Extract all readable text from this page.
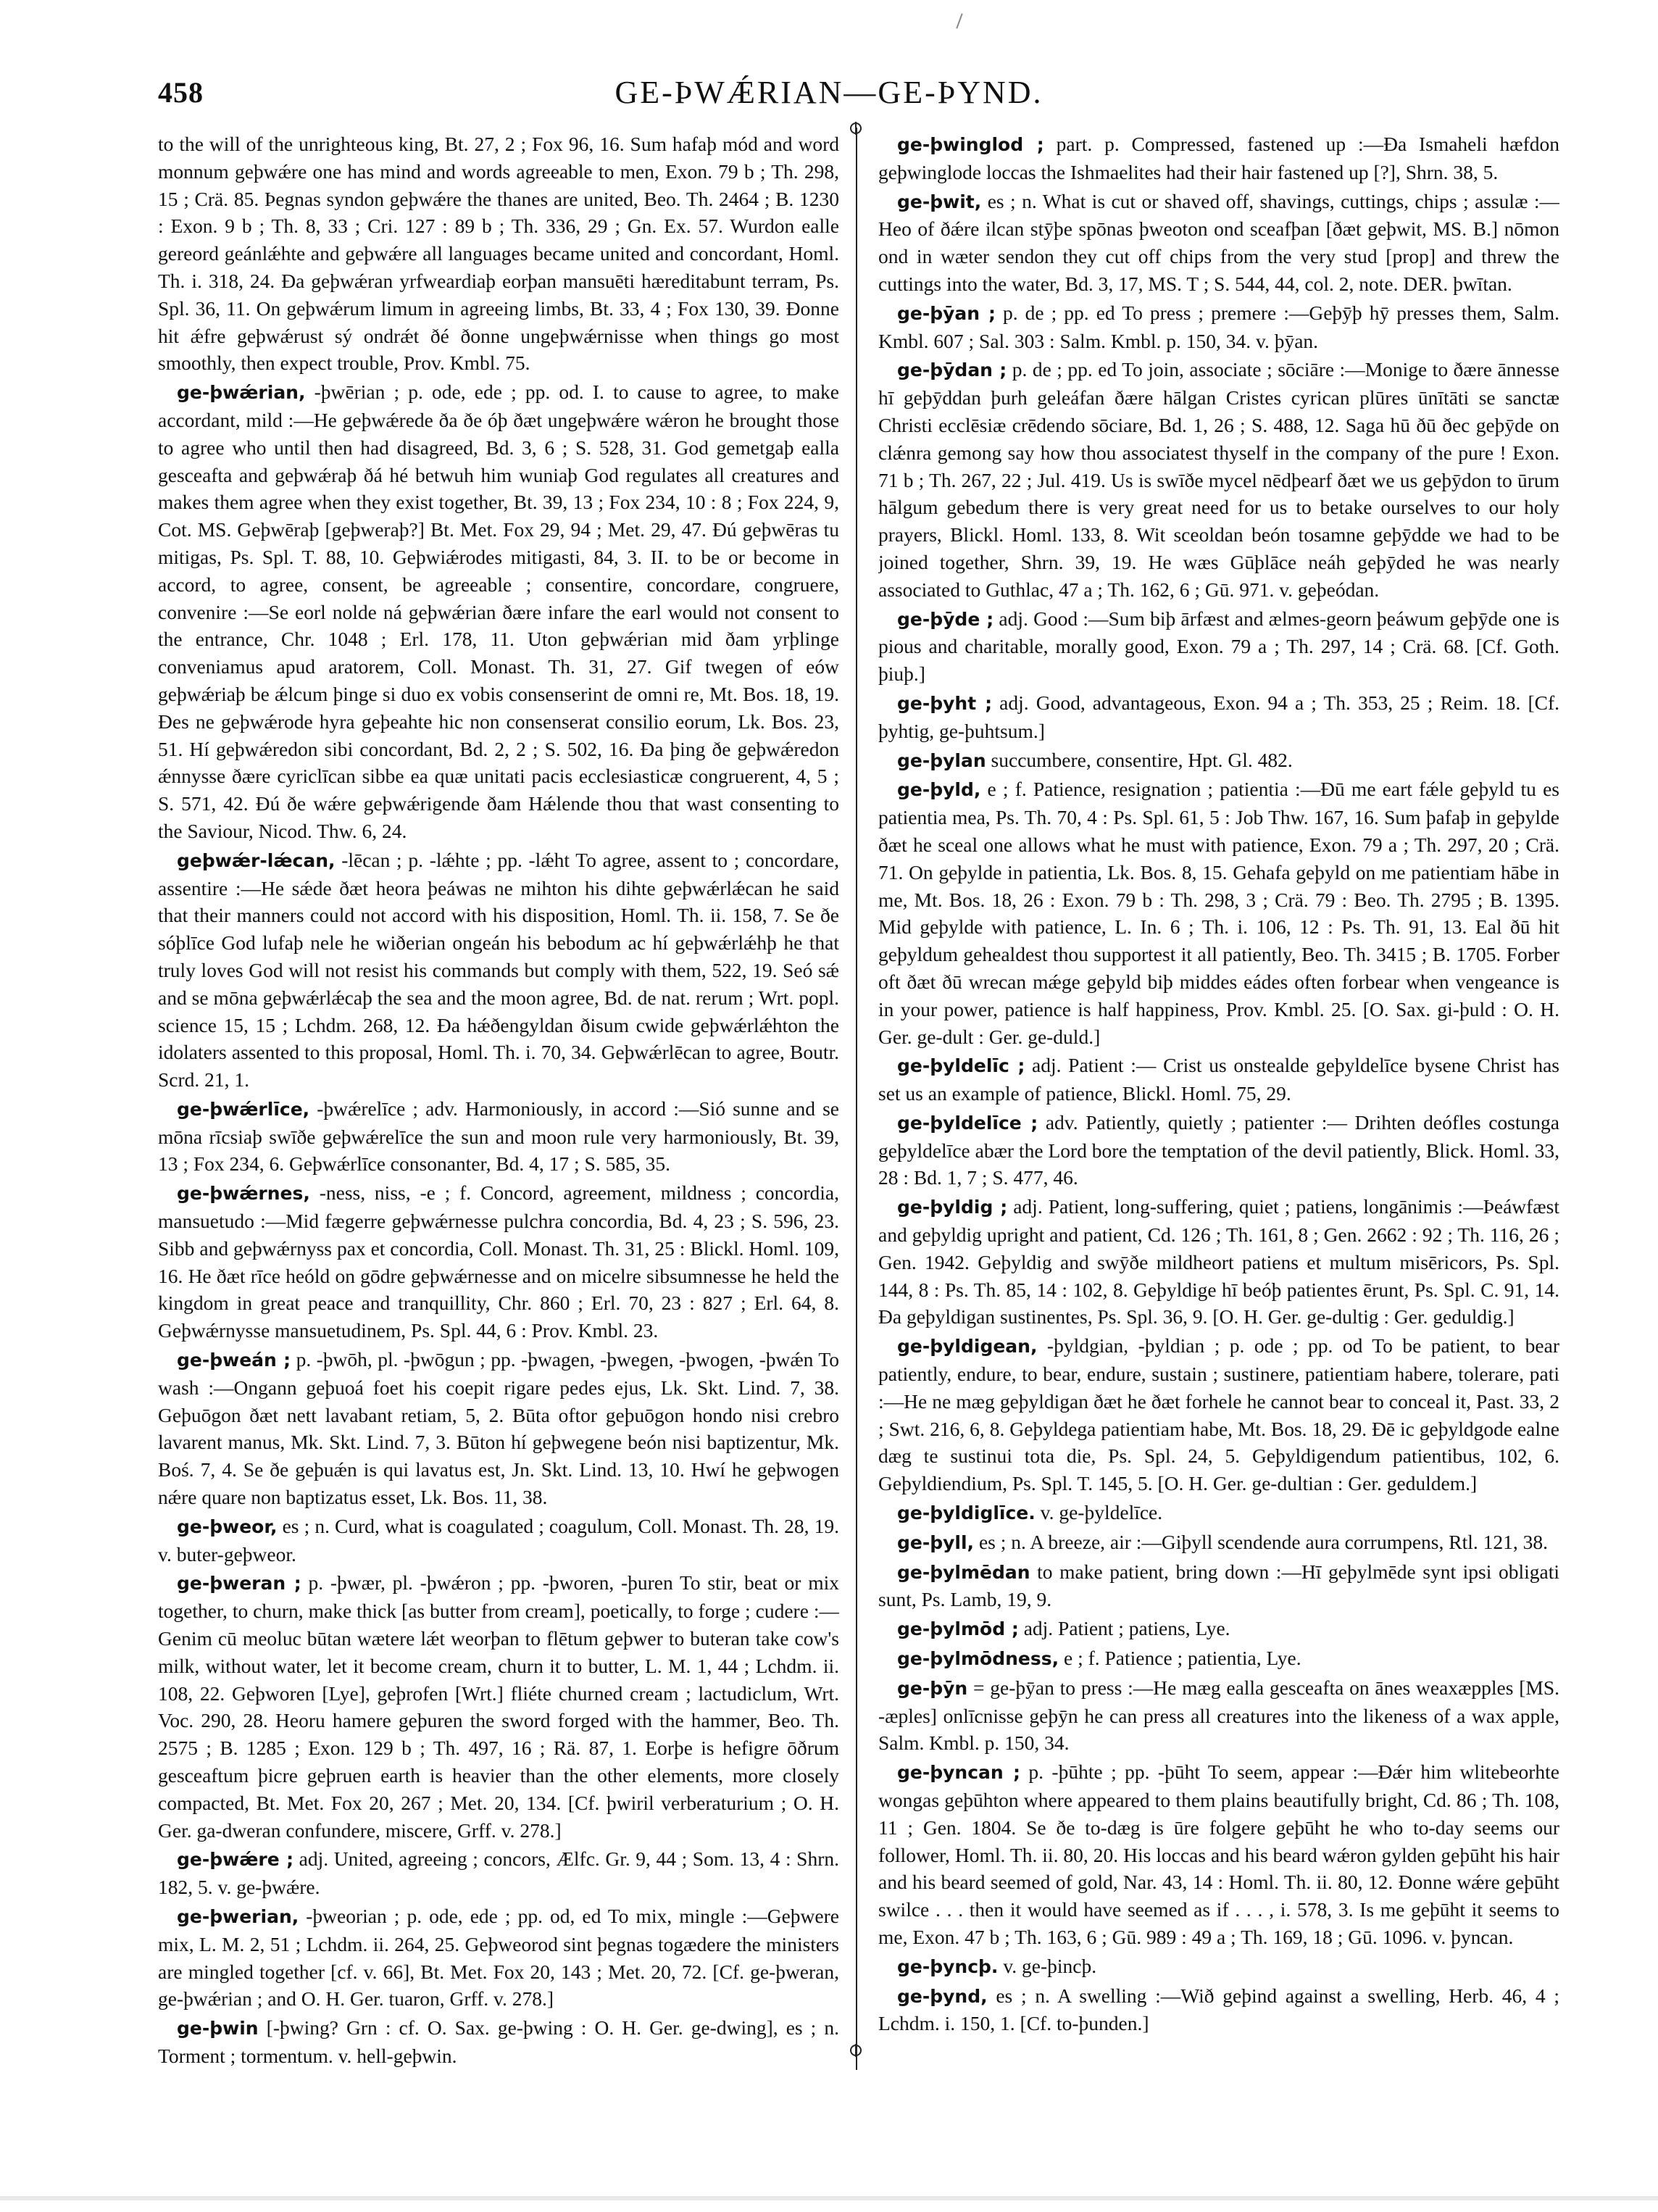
458	GE-ÞWǼRIAN—GE-ÞYND.

to the will of the unrighteous king, Bt. 27, 2 ; Fox 96, 16. Sum hafaþ mód and word monnum geþwǽre one has mind and words agreeable to men, Exon. 79 b ; Th. 298, 15 ; Crä. 85. Þegnas syndon geþwǽre the thanes are united, Beo. Th. 2464 ; B. 1230 : Exon. 9 b ; Th. 8, 33 ; Cri. 127 : 89 b ; Th. 336, 29 ; Gn. Ex. 57. Wurdon ealle gereord geánlǽhte and geþwǽre all languages became united and concordant, Homl. Th. i. 318, 24. Ða geþwǽran yrfweardiaþ eorþan mansuēti hæreditabunt terram, Ps. Spl. 36, 11. On geþwǽrum limum in agreeing limbs, Bt. 33, 4 ; Fox 130, 39. Ðonne hit ǽfre geþwǽrust sý ondrǽt ðé ðonne ungeþwǽrnisse when things go most smoothly, then expect trouble, Prov. Kmbl. 75.

ge-þwǽrian, -þwērian ; p. ode, ede ; pp. od. I. to cause to agree, to make accordant, mild :—He geþwǽrede ða ðe óþ ðæt ungeþwǽre wǽron he brought those to agree who until then had disagreed, Bd. 3, 6 ; S. 528, 31. God gemetgaþ ealla gesceafta and geþwǽraþ ðá hé betwuh him wuniaþ God regulates all creatures and makes them agree when they exist together, Bt. 39, 13 ; Fox 234, 10 : 8 ; Fox 224, 9, Cot. MS. Geþwēraþ [geþweraþ?] Bt. Met. Fox 29, 94 ; Met. 29, 47. Ðú geþwēras tu mitigas, Ps. Spl. T. 88, 10. Geþwiǽrodes mitigasti, 84, 3. II. to be or become in accord, to agree, consent, be agreeable ; consentire, concordare, congruere, convenire :—Se eorl nolde ná geþwǽrian ðære infare the earl would not consent to the entrance, Chr. 1048 ; Erl. 178, 11. Uton geþwǽrian mid ðam yrþlinge conveniamus apud aratorem, Coll. Monast. Th. 31, 27. Gif twegen of eów geþwǽriaþ be ǽlcum þinge si duo ex vobis consenserint de omni re, Mt. Bos. 18, 19. Ðes ne geþwǽrode hyra geþeahte hic non consenserat consilio eorum, Lk. Bos. 23, 51. Hí geþwǽredon sibi concordant, Bd. 2, 2 ; S. 502, 16. Ða þing ðe geþwǽredon ǽnnysse ðære cyriclīcan sibbe ea quæ unitati pacis ecclesiasticæ congruerent, 4, 5 ; S. 571, 42. Ðú ðe wǽre geþwǽrigende ðam Hǽlende thou that wast consenting to the Saviour, Nicod. Thw. 6, 24.

geþwǽr-lǽcan, -lēcan ; p. -lǽhte ; pp. -lǽht To agree, assent to ; concordare, assentire :—He sǽde ðæt heora þeáwas ne mihton his dihte geþwǽrlǽcan he said that their manners could not accord with his disposition, Homl. Th. ii. 158, 7. Se ðe sóþlīce God lufaþ nele he wiðerian ongeán his bebodum ac hí geþwǽrlǽhþ he that truly loves God will not resist his commands but comply with them, 522, 19. Seó sǽ and se mōna geþwǽrlǽcaþ the sea and the moon agree, Bd. de nat. rerum ; Wrt. popl. science 15, 15 ; Lchdm. 268, 12. Ða hǽðengyldan ðisum cwide geþwǽrlǽhton the idolaters assented to this proposal, Homl. Th. i. 70, 34. Geþwǽrlēcan to agree, Boutr. Scrd. 21, 1.

ge-þwǽrlīce, -þwǽrelīce ; adv. Harmoniously, in accord :—Sió sunne and se mōna rīcsiaþ swīðe geþwǽrelīce the sun and moon rule very harmoniously, Bt. 39, 13 ; Fox 234, 6. Geþwǽrlīce consonanter, Bd. 4, 17 ; S. 585, 35.

ge-þwǽrnes, -ness, niss, -e ; f. Concord, agreement, mildness ; concordia, mansuetudo :—Mid fægerre geþwǽrnesse pulchra concordia, Bd. 4, 23 ; S. 596, 23. Sibb and geþwǽrnyss pax et concordia, Coll. Monast. Th. 31, 25 : Blickl. Homl. 109, 16. He ðæt rīce heóld on gōdre geþwǽrnesse and on micelre sibsumnesse he held the kingdom in great peace and tranquillity, Chr. 860 ; Erl. 70, 23 : 827 ; Erl. 64, 8. Geþwǽrnysse mansuetudinem, Ps. Spl. 44, 6 : Prov. Kmbl. 23.

ge-þweán ; p. -þwōh, pl. -þwōgun ; pp. -þwagen, -þwegen, -þwogen, -þwǽn To wash :—Ongann geþuoá foet his coepit rigare pedes ejus, Lk. Skt. Lind. 7, 38. Geþuōgon ðæt nett lavabant retiam, 5, 2. Būta oftor geþuōgon hondo nisi crebro lavarent manus, Mk. Skt. Lind. 7, 3. Būton hí geþwegene beón nisi baptizentur, Mk. Boś. 7, 4. Se ðe geþuǽn is qui lavatus est, Jn. Skt. Lind. 13, 10. Hwí he geþwogen nǽre quare non baptizatus esset, Lk. Bos. 11, 38.

ge-þweor, es ; n. Curd, what is coagulated ; coagulum, Coll. Monast. Th. 28, 19. v. buter-geþweor.

ge-þweran ; p. -þwær, pl. -þwǽron ; pp. -þworen, -þuren To stir, beat or mix together, to churn, make thick [as butter from cream], poetically, to forge ; cudere :—Genim cū meoluc būtan wætere lǽt weorþan to flētum geþwer to buteran take cow's milk, without water, let it become cream, churn it to butter, L. M. 1, 44 ; Lchdm. ii. 108, 22. Geþworen [Lye], geþrofen [Wrt.] fliéte churned cream ; lactudiclum, Wrt. Voc. 290, 28. Heoru hamere geþuren the sword forged with the hammer, Beo. Th. 2575 ; B. 1285 ; Exon. 129 b ; Th. 497, 16 ; Rä. 87, 1. Eorþe is hefigre ōðrum gesceaftum þicre geþruen earth is heavier than the other elements, more closely compacted, Bt. Met. Fox 20, 267 ; Met. 20, 134. [Cf. þwiril verberaturium ; O. H. Ger. ga-dweran confundere, miscere, Grff. v. 278.]

ge-þwǽre ; adj. United, agreeing ; concors, Ælfc. Gr. 9, 44 ; Som. 13, 4 : Shrn. 182, 5. v. ge-þwǽre.

ge-þwerian, -þweorian ; p. ode, ede ; pp. od, ed To mix, mingle :—Geþwere mix, L. M. 2, 51 ; Lchdm. ii. 264, 25. Geþweorod sint þegnas togædere the ministers are mingled together [cf. v. 66], Bt. Met. Fox 20, 143 ; Met. 20, 72. [Cf. ge-þweran, ge-þwǽrian ; and O. H. Ger. tuaron, Grff. v. 278.]

ge-þwin [-þwing? Grn : cf. O. Sax. ge-þwing : O. H. Ger. ge-dwing], es ; n. Torment ; tormentum. v. hell-geþwin.

ge-þwinglod ; part. p. Compressed, fastened up :—Ða Ismaheli hæfdon geþwinglode loccas the Ishmaelites had their hair fastened up [?], Shrn. 38, 5.

ge-þwit, es ; n. What is cut or shaved off, shavings, cuttings, chips ; assulæ :—Heo of ðǽre ilcan stȳþe spōnas þweoton ond sceafþan [ðæt geþwit, MS. B.] nōmon ond in wæter sendon they cut off chips from the very stud [prop] and threw the cuttings into the water, Bd. 3, 17, MS. T ; S. 544, 44, col. 2, note. DER. þwītan.

ge-þȳan ; p. de ; pp. ed To press ; premere :—Geþȳþ hȳ presses them, Salm. Kmbl. 607 ; Sal. 303 : Salm. Kmbl. p. 150, 34. v. þȳan.

ge-þȳdan ; p. de ; pp. ed To join, associate ; sōciāre :—Monige to ðære ānnesse hī geþȳddan þurh geleáfan ðære hālgan Cristes cyrican plūres ūnītāti se sanctæ Christi ecclēsiæ crēdendo sōciare, Bd. 1, 26 ; S. 488, 12. Saga hū ðū ðec geþȳde on clǽnra gemong say how thou associatest thyself in the company of the pure ! Exon. 71 b ; Th. 267, 22 ; Jul. 419. Us is swīðe mycel nēdþearf ðæt we us geþȳdon to ūrum hālgum gebedum there is very great need for us to betake ourselves to our holy prayers, Blickl. Homl. 133, 8. Wit sceoldan beón tosamne geþȳdde we had to be joined together, Shrn. 39, 19. He wæs Gūþlāce neáh geþȳded he was nearly associated to Guthlac, 47 a ; Th. 162, 6 ; Gū. 971. v. geþeódan.

ge-þȳde ; adj. Good :—Sum biþ ārfæst and ælmes-georn þeáwum geþȳde one is pious and charitable, morally good, Exon. 79 a ; Th. 297, 14 ; Crä. 68. [Cf. Goth. þiuþ.]

ge-þyht ; adj. Good, advantageous, Exon. 94 a ; Th. 353, 25 ; Reim. 18. [Cf. þyhtig, ge-þuhtsum.]

ge-þylan succumbere, consentire, Hpt. Gl. 482.

ge-þyld, e ; f. Patience, resignation ; patientia :—Ðū me eart fǽle geþyld tu es patientia mea, Ps. Th. 70, 4 : Ps. Spl. 61, 5 : Job Thw. 167, 16. Sum þafaþ in geþylde ðæt he sceal one allows what he must with patience, Exon. 79 a ; Th. 297, 20 ; Crä. 71. On geþylde in patientia, Lk. Bos. 8, 15. Gehafa geþyld on me patientiam hābe in me, Mt. Bos. 18, 26 : Exon. 79 b : Th. 298, 3 ; Crä. 79 : Beo. Th. 2795 ; B. 1395. Mid geþylde with patience, L. In. 6 ; Th. i. 106, 12 : Ps. Th. 91, 13. Eal ðū hit geþyldum gehealdest thou supportest it all patiently, Beo. Th. 3415 ; B. 1705. Forber oft ðæt ðū wrecan mǽge geþyld biþ middes eádes often forbear when vengeance is in your power, patience is half happiness, Prov. Kmbl. 25. [O. Sax. gi-þuld : O. H. Ger. ge-dult : Ger. ge-duld.]

ge-þyldelīc ; adj. Patient :— Crist us onstealde geþyldelīce bysene Christ has set us an example of patience, Blickl. Homl. 75, 29.

ge-þyldelīce ; adv. Patiently, quietly ; patienter :— Drihten deófles costunga geþyldelīce abær the Lord bore the temptation of the devil patiently, Blick. Homl. 33, 28 : Bd. 1, 7 ; S. 477, 46.

ge-þyldig ; adj. Patient, long-suffering, quiet ; patiens, longānimis :—Þeáwfæst and geþyldig upright and patient, Cd. 126 ; Th. 161, 8 ; Gen. 2662 : 92 ; Th. 116, 26 ; Gen. 1942. Geþyldig and swȳðe mildheort patiens et multum misēricors, Ps. Spl. 144, 8 : Ps. Th. 85, 14 : 102, 8. Geþyldige hī beóþ patientes ērunt, Ps. Spl. C. 91, 14. Ða geþyldigan sustinentes, Ps. Spl. 36, 9. [O. H. Ger. ge-dultig : Ger. geduldig.]

ge-þyldigean, -þyldgian, -þyldian ; p. ode ; pp. od To be patient, to bear patiently, endure, to bear, endure, sustain ; sustinere, patientiam habere, tolerare, pati :—He ne mæg geþyldigan ðæt he ðæt forhele he cannot bear to conceal it, Past. 33, 2 ; Swt. 216, 6, 8. Geþyldega patientiam habe, Mt. Bos. 18, 29. Ðē ic geþyldgode ealne dæg te sustinui tota die, Ps. Spl. 24, 5. Geþyldigendum patientibus, 102, 6. Geþyldiendium, Ps. Spl. T. 145, 5. [O. H. Ger. ge-dultian : Ger. geduldem.]

ge-þyldiglīce. v. ge-þyldelīce.

ge-þyll, es ; n. A breeze, air :—Giþyll scendende aura corrumpens, Rtl. 121, 38.

ge-þylmēdan to make patient, bring down :—Hī geþylmēde synt ipsi obligati sunt, Ps. Lamb, 19, 9.

ge-þylmōd ; adj. Patient ; patiens, Lye.

ge-þylmōdness, e ; f. Patience ; patientia, Lye.

ge-þȳn = ge-þȳan to press :—He mæg ealla gesceafta on ānes weaxæpples [MS. -æples] onlīcnisse geþȳn he can press all creatures into the likeness of a wax apple, Salm. Kmbl. p. 150, 34.

ge-þyncan ; p. -þūhte ; pp. -þūht To seem, appear :—Ðǽr him wlitebeorhte wongas geþūhton where appeared to them plains beautifully bright, Cd. 86 ; Th. 108, 11 ; Gen. 1804. Se ðe to-dæg is ūre folgere geþūht he who to-day seems our follower, Homl. Th. ii. 80, 20. His loccas and his beard wǽron gylden geþūht his hair and his beard seemed of gold, Nar. 43, 14 : Homl. Th. ii. 80, 12. Ðonne wǽre geþūht swilce . . . then it would have seemed as if . . . , i. 578, 3. Is me geþūht it seems to me, Exon. 47 b ; Th. 163, 6 ; Gū. 989 : 49 a ; Th. 169, 18 ; Gū. 1096. v. þyncan.

ge-þyncþ. v. ge-þincþ.

ge-þynd, es ; n. A swelling :—Wið geþind against a swelling, Herb. 46, 4 ; Lchdm. i. 150, 1. [Cf. to-þunden.]
